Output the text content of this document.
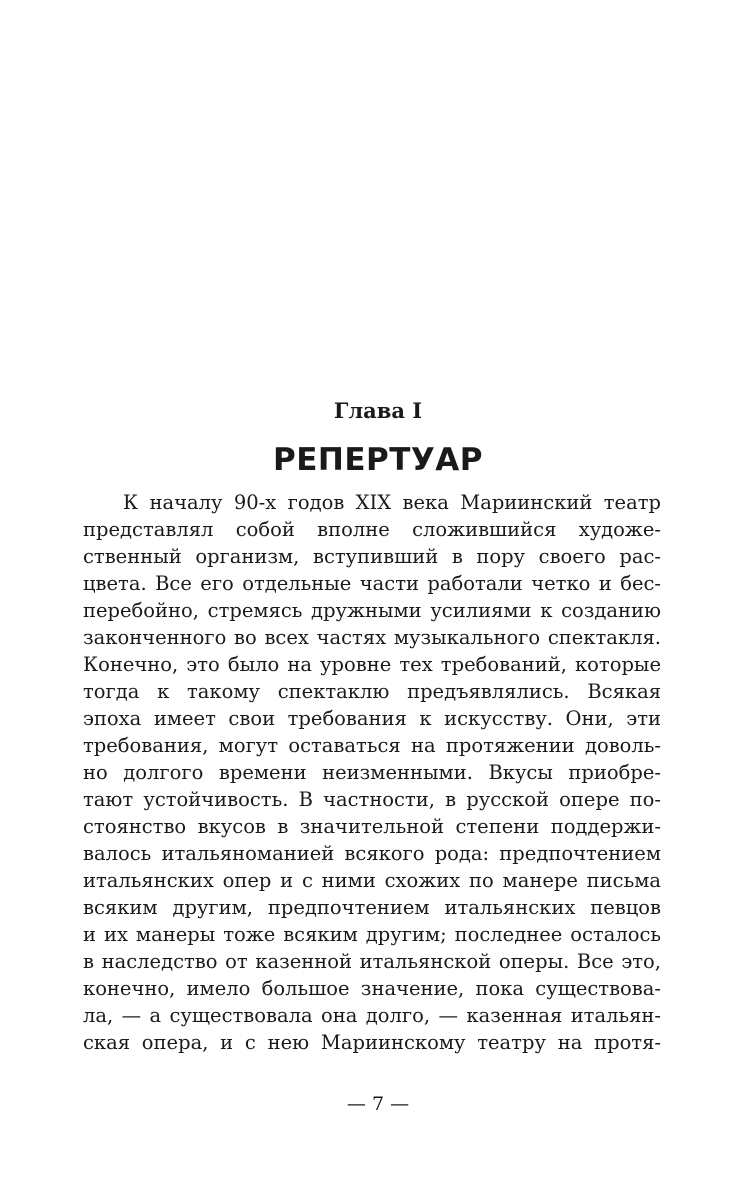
Глава I
РЕПЕРТУАР
К началу 90-х годов XIX века Мариинский театр
представлял собой вполне сложившийся художе-
ственный организм, вступивший в пору своего рас-
цвета. Все его отдельные части работали четко и бес-
перебойно, стремясь дружными усилиями к созданию
законченного во всех частях музыкального спектакля.
Конечно, это было на уровне тех требований, которые
тогда к такому спектаклю предъявлялись. Всякая
эпоха имеет свои требования к искусству. Они, эти
требования, могут оставаться на протяжении доволь-
но долгого времени неизменными. Вкусы приобре-
тают устойчивость. В частности, в русской опере по-
стоянство вкусов в значительной степени поддержи-
валось итальяноманией всякого рода: предпочтением
итальянских опер и с ними схожих по манере письма
всяким другим, предпочтением итальянских певцов
и их манеры тоже всяким другим; последнее осталось
в наследство от казенной итальянской оперы. Все это,
конечно, имело большое значение, пока существова-
ла, — а существовала она долго, — казенная итальян-
ская опера, и с нею Мариинскому театру на протя-
— 7 —
